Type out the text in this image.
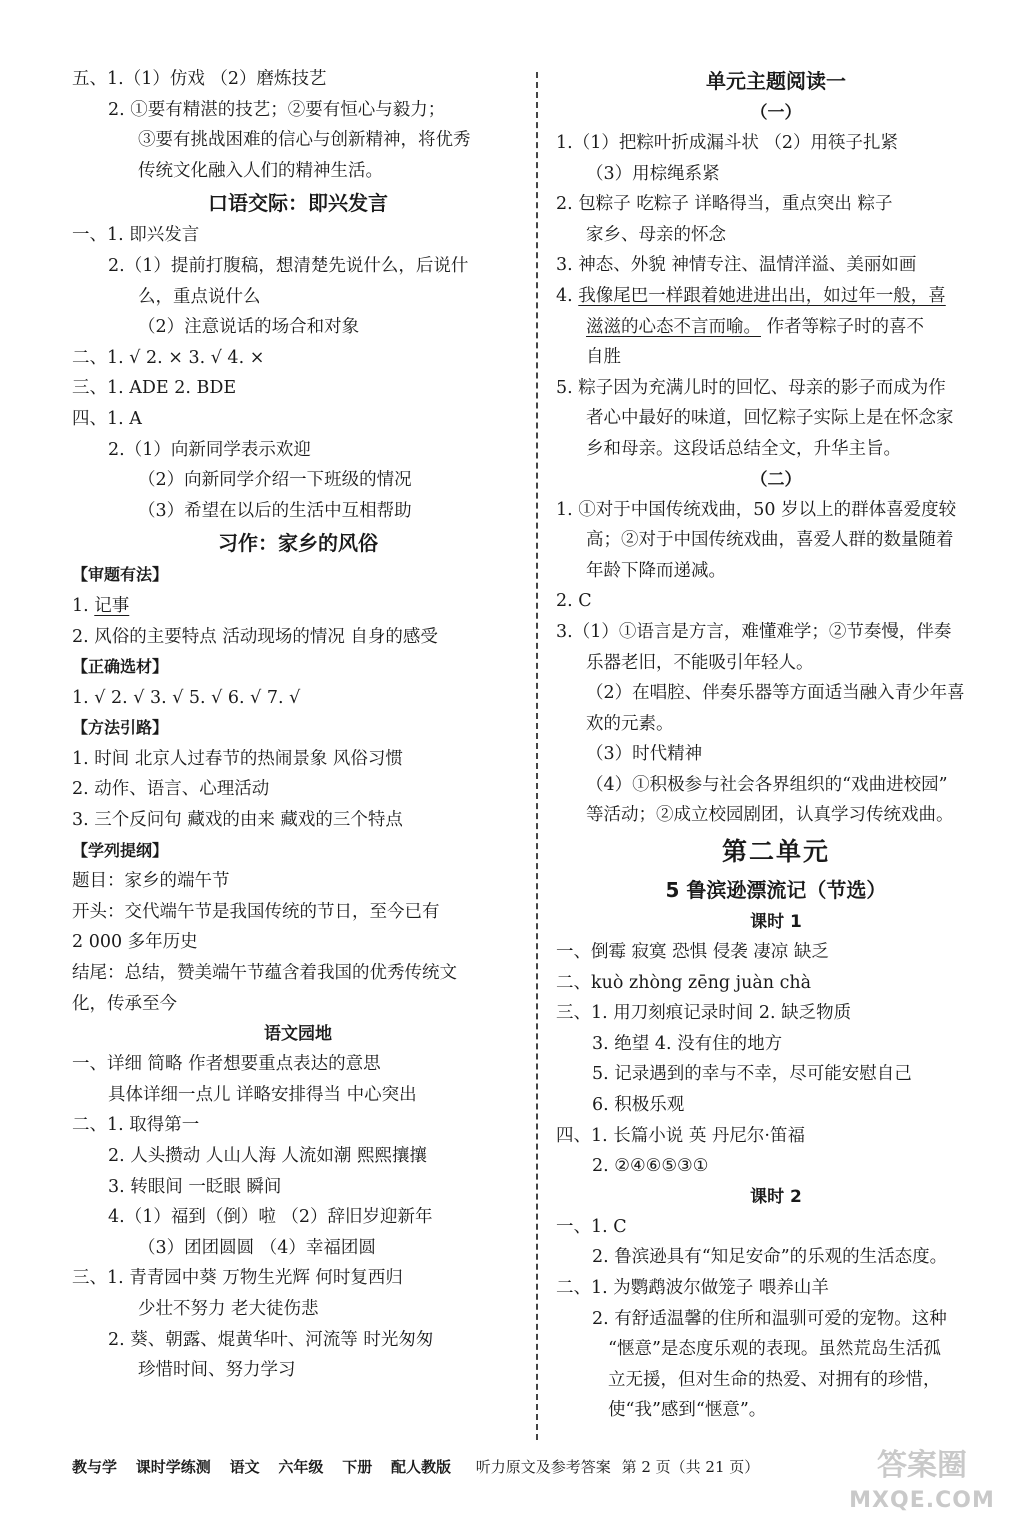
五、1.（1）仿戏 （2）磨炼技艺
2. ①要有精湛的技艺；②要有恒心与毅力；
③要有挑战困难的信心与创新精神，将优秀
传统文化融入人们的精神生活。
口语交际：即兴发言
一、1. 即兴发言
2.（1）提前打腹稿，想清楚先说什么，后说什
么，重点说什么
（2）注意说话的场合和对象
二、1. √ 2. × 3. √ 4. ×
三、1. ADE 2. BDE
四、1. A
2.（1）向新同学表示欢迎
（2）向新同学介绍一下班级的情况
（3）希望在以后的生活中互相帮助
习作：家乡的风俗
【审题有法】
1. 记事
2. 风俗的主要特点 活动现场的情况 自身的感受
【正确选材】
1. √ 2. √ 3. √ 5. √ 6. √ 7. √
【方法引路】
1. 时间 北京人过春节的热闹景象 风俗习惯
2. 动作、语言、心理活动
3. 三个反问句 藏戏的由来 藏戏的三个特点
【学列提纲】
题目：家乡的端午节
开头：交代端午节是我国传统的节日，至今已有
2 000 多年历史
结尾：总结，赞美端午节蕴含着我国的优秀传统文
化，传承至今
语文园地
一、详细 简略 作者想要重点表达的意思
具体详细一点儿 详略安排得当 中心突出
二、1. 取得第一
2. 人头攒动 人山人海 人流如潮 熙熙攘攘
3. 转眼间 一眨眼 瞬间
4.（1）福到（倒）啦 （2）辞旧岁迎新年
（3）团团圆圆 （4）幸福团圆
三、1. 青青园中葵 万物生光辉 何时复西归
少壮不努力 老大徒伤悲
2. 葵、朝露、焜黄华叶、河流等 时光匆匆
珍惜时间、努力学习
单元主题阅读一
（一）
1.（1）把粽叶折成漏斗状 （2）用筷子扎紧
（3）用棕绳系紧
2. 包粽子 吃粽子 详略得当，重点突出 粽子
家乡、母亲的怀念
3. 神态、外貌 神情专注、温情洋溢、美丽如画
4. 我像尾巴一样跟着她进进出出，如过年一般，喜
滋滋的心态不言而喻。 作者等粽子时的喜不
自胜
5. 粽子因为充满儿时的回忆、母亲的影子而成为作
者心中最好的味道，回忆粽子实际上是在怀念家
乡和母亲。这段话总结全文，升华主旨。
（二）
1. ①对于中国传统戏曲，50 岁以上的群体喜爱度较
高；②对于中国传统戏曲，喜爱人群的数量随着
年龄下降而递减。
2. C
3.（1）①语言是方言，难懂难学；②节奏慢，伴奏
乐器老旧，不能吸引年轻人。
（2）在唱腔、伴奏乐器等方面适当融入青少年喜
欢的元素。
（3）时代精神
（4）①积极参与社会各界组织的“戏曲进校园”
等活动；②成立校园剧团，认真学习传统戏曲。
第二单元
5 鲁滨逊漂流记（节选）
课时 1
一、倒霉 寂寞 恐惧 侵袭 凄凉 缺乏
二、kuò zhòng zēng juàn chà
三、1. 用刀刻痕记录时间 2. 缺乏物质
3. 绝望 4. 没有住的地方
5. 记录遇到的幸与不幸，尽可能安慰自己
6. 积极乐观
四、1. 长篇小说 英 丹尼尔·笛福
2. ②④⑥⑤③①
课时 2
一、1. C
2. 鲁滨逊具有“知足安命”的乐观的生活态度。
二、1. 为鹦鹉波尔做笼子 喂养山羊
2. 有舒适温馨的住所和温驯可爱的宠物。这种
“惬意”是态度乐观的表现。虽然荒岛生活孤
立无援，但对生命的热爱、对拥有的珍惜，
使“我”感到“惬意”。
教与学 课时学练测 语文 六年级 下册 配人教版 听力原文及参考答案 第 2 页（共 21 页）	答案圈
MXQE.COM
